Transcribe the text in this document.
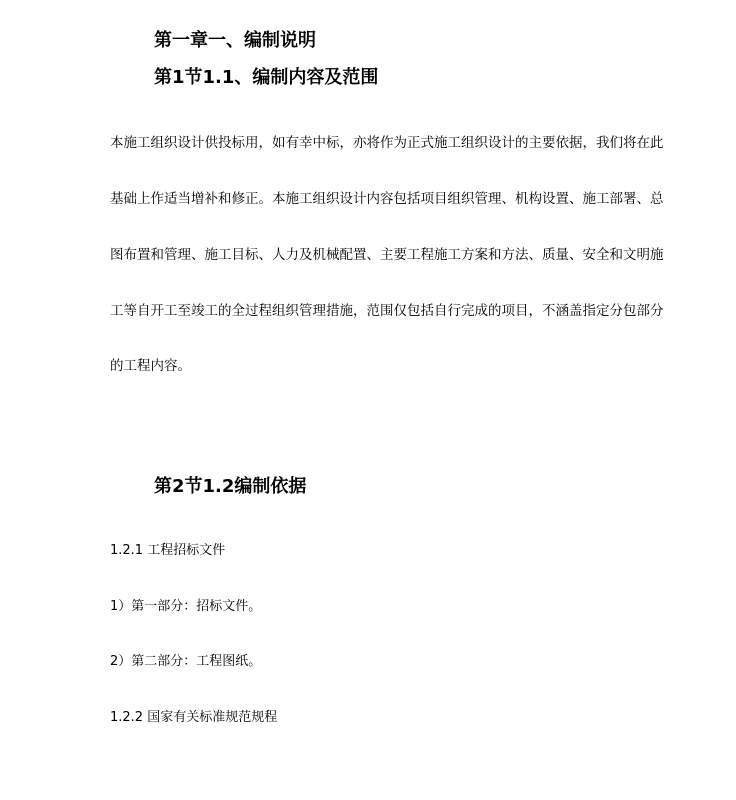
第一章一、编制说明
第1节1.1、编制内容及范围

本施工组织设计供投标用，如有幸中标，亦将作为正式施工组织设计的主要依据，我们将在此

基础上作适当增补和修正。本施工组织设计内容包括项目组织管理、机构设置、施工部署、总

图布置和管理、施工目标、人力及机械配置、主要工程施工方案和方法、质量、安全和文明施

工等自开工至竣工的全过程组织管理措施，范围仅包括自行完成的项目，不涵盖指定分包部分

的工程内容。

第2节1.2编制依据

1.2.1 工程招标文件

1）第一部分：招标文件。

2）第二部分：工程图纸。

1.2.2 国家有关标准规范规程
